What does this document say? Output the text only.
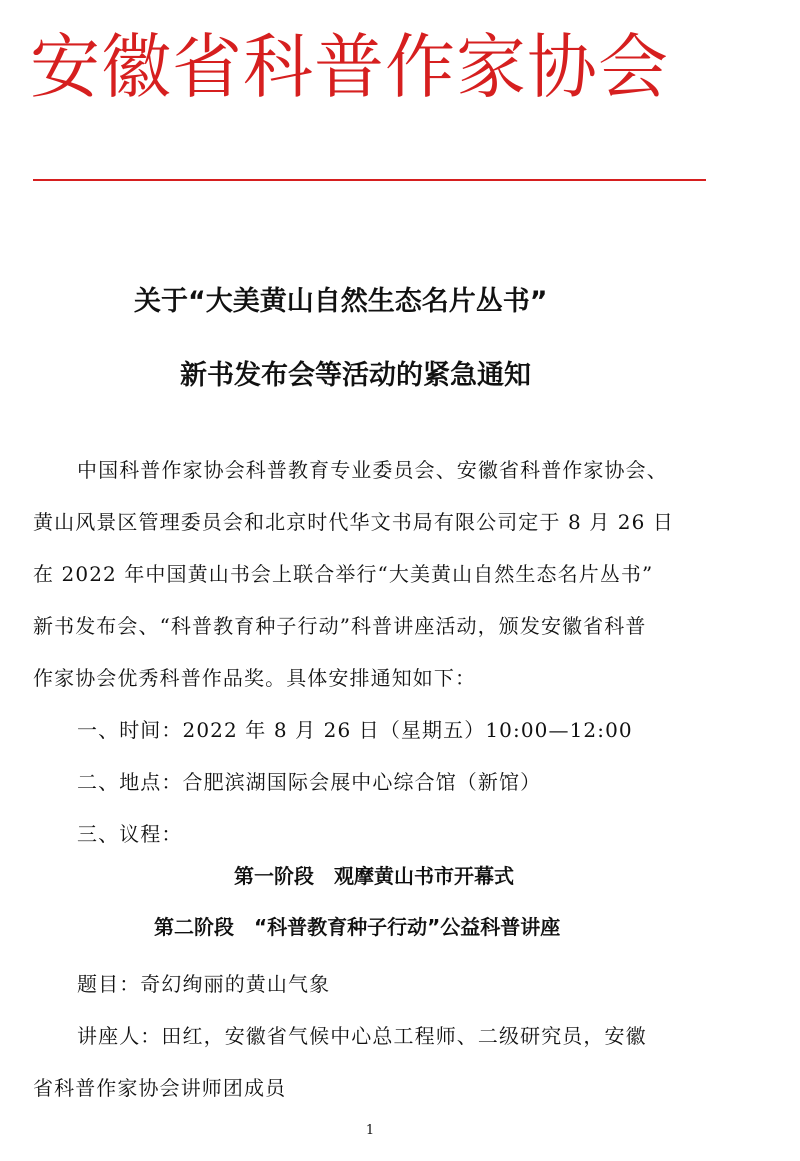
安徽省科普作家协会
关于“大美黄山自然生态名片丛书”
新书发布会等活动的紧急通知
中国科普作家协会科普教育专业委员会、安徽省科普作家协会、
黄山风景区管理委员会和北京时代华文书局有限公司定于 8 月 26 日
在 2022 年中国黄山书会上联合举行“大美黄山自然生态名片丛书”
新书发布会、“科普教育种子行动”科普讲座活动，颁发安徽省科普
作家协会优秀科普作品奖。具体安排通知如下：
一、时间：2022 年 8 月 26 日（星期五）10:00—12:00
二、地点：合肥滨湖国际会展中心综合馆（新馆）
三、议程：
第一阶段　观摩黄山书市开幕式
第二阶段　“科普教育种子行动”公益科普讲座
题目：奇幻绚丽的黄山气象
讲座人：田红，安徽省气候中心总工程师、二级研究员，安徽
省科普作家协会讲师团成员
1
